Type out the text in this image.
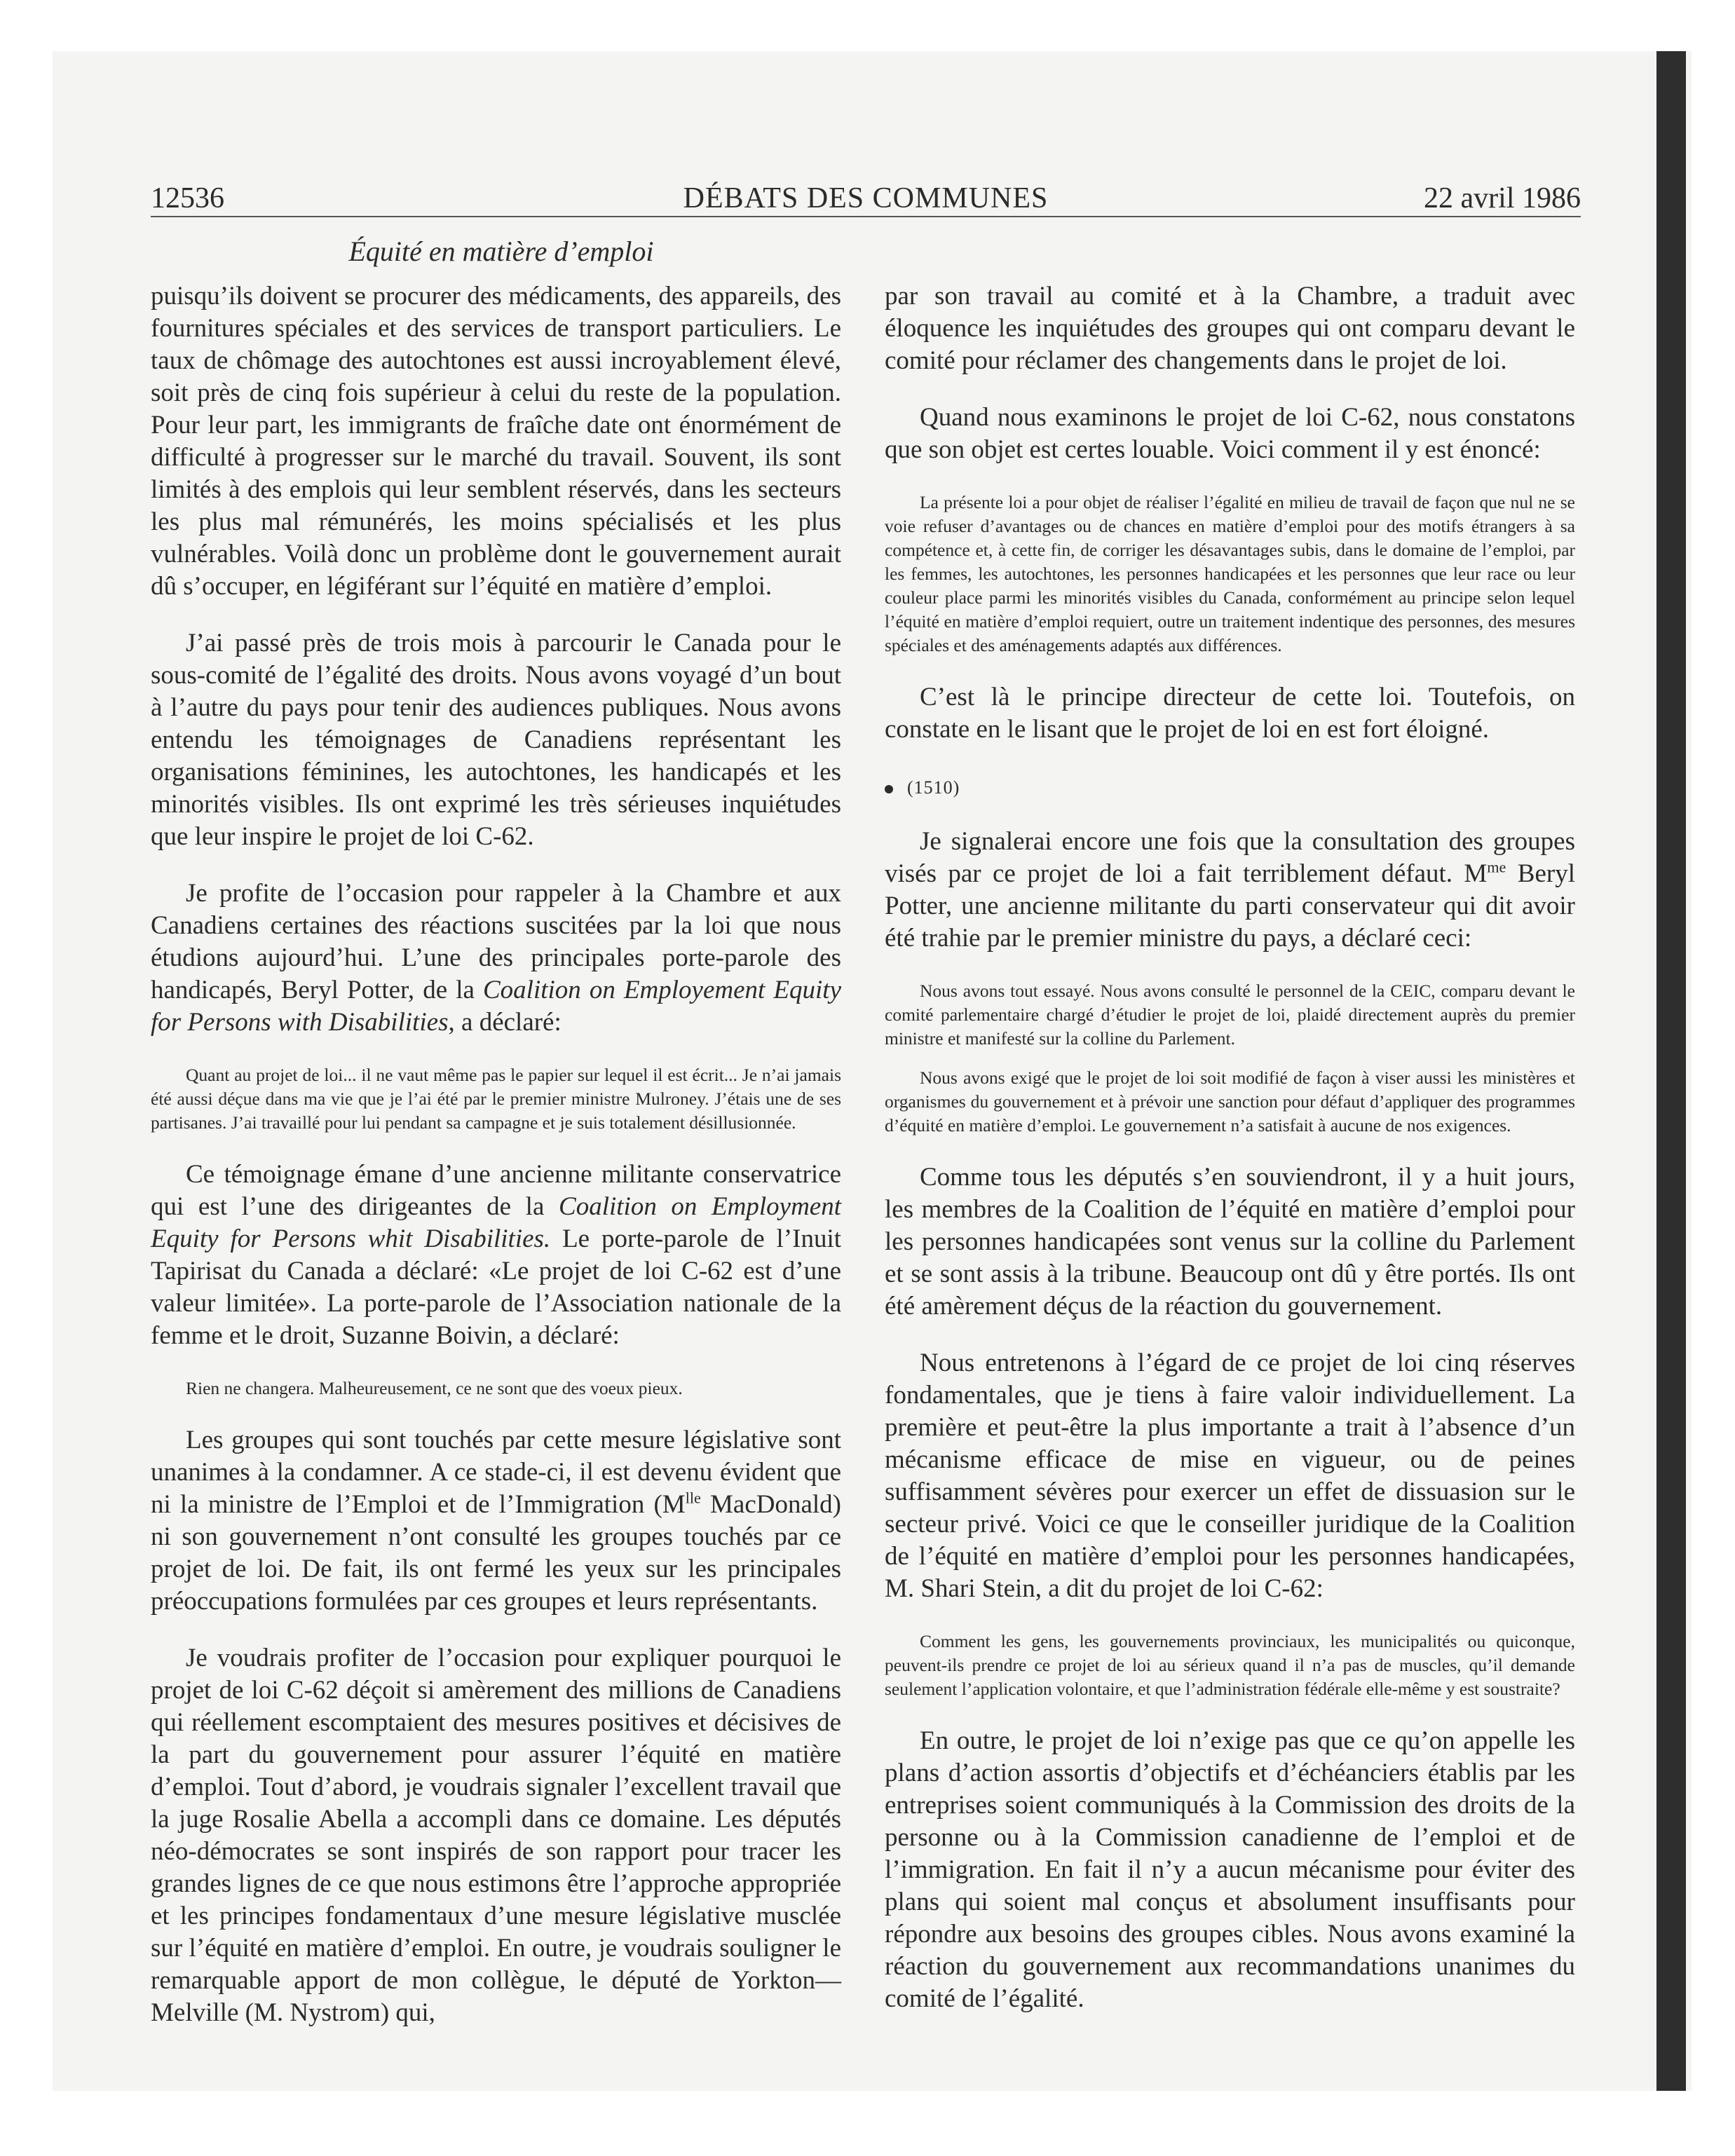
12536	DÉBATS DES COMMUNES	22 avril 1986
Équité en matière d’emploi

puisqu’ils doivent se procurer des médicaments, des appareils, des fournitures spéciales et des services de transport particuliers. Le taux de chômage des autochtones est aussi incroyablement élevé, soit près de cinq fois supérieur à celui du reste de la population. Pour leur part, les immigrants de fraîche date ont énormément de difficulté à progresser sur le marché du travail. Souvent, ils sont limités à des emplois qui leur semblent réservés, dans les secteurs les plus mal rémunérés, les moins spécialisés et les plus vulnérables. Voilà donc un problème dont le gouvernement aurait dû s’occuper, en légiférant sur l’équité en matière d’emploi.

J’ai passé près de trois mois à parcourir le Canada pour le sous-comité de l’égalité des droits. Nous avons voyagé d’un bout à l’autre du pays pour tenir des audiences publiques. Nous avons entendu les témoignages de Canadiens représentant les organisations féminines, les autochtones, les handicapés et les minorités visibles. Ils ont exprimé les très sérieuses inquiétudes que leur inspire le projet de loi C-62.

Je profite de l’occasion pour rappeler à la Chambre et aux Canadiens certaines des réactions suscitées par la loi que nous étudions aujourd’hui. L’une des principales porte-parole des handicapés, Beryl Potter, de la Coalition on Employement Equity for Persons with Disabilities, a déclaré:

Quant au projet de loi... il ne vaut même pas le papier sur lequel il est écrit... Je n’ai jamais été aussi déçue dans ma vie que je l’ai été par le premier ministre Mulroney. J’étais une de ses partisanes. J’ai travaillé pour lui pendant sa campagne et je suis totalement désillusionnée.

Ce témoignage émane d’une ancienne militante conservatrice qui est l’une des dirigeantes de la Coalition on Employment Equity for Persons whit Disabilities. Le porte-parole de l’Inuit Tapirisat du Canada a déclaré: «Le projet de loi C-62 est d’une valeur limitée». La porte-parole de l’Association nationale de la femme et le droit, Suzanne Boivin, a déclaré:

Rien ne changera. Malheureusement, ce ne sont que des voeux pieux.

Les groupes qui sont touchés par cette mesure législative sont unanimes à la condamner. A ce stade-ci, il est devenu évident que ni la ministre de l’Emploi et de l’Immigration ($M^{lle}$ MacDonald) ni son gouvernement n’ont consulté les groupes touchés par ce projet de loi. De fait, ils ont fermé les yeux sur les principales préoccupations formulées par ces groupes et leurs représentants.

Je voudrais profiter de l’occasion pour expliquer pourquoi le projet de loi C-62 déçoit si amèrement des millions de Canadiens qui réellement escomptaient des mesures positives et décisives de la part du gouvernement pour assurer l’équité en matière d’emploi. Tout d’abord, je voudrais signaler l’excellent travail que la juge Rosalie Abella a accompli dans ce domaine. Les députés néo-démocrates se sont inspirés de son rapport pour tracer les grandes lignes de ce que nous estimons être l’approche appropriée et les principes fondamentaux d’une mesure législative musclée sur l’équité en matière d’emploi. En outre, je voudrais souligner le remarquable apport de mon collègue, le député de Yorkton—Melville (M. Nystrom) qui,

par son travail au comité et à la Chambre, a traduit avec éloquence les inquiétudes des groupes qui ont comparu devant le comité pour réclamer des changements dans le projet de loi.

Quand nous examinons le projet de loi C-62, nous constatons que son objet est certes louable. Voici comment il y est énoncé:

La présente loi a pour objet de réaliser l’égalité en milieu de travail de façon que nul ne se voie refuser d’avantages ou de chances en matière d’emploi pour des motifs étrangers à sa compétence et, à cette fin, de corriger les désavantages subis, dans le domaine de l’emploi, par les femmes, les autochtones, les personnes handicapées et les personnes que leur race ou leur couleur place parmi les minorités visibles du Canada, conformément au principe selon lequel l’équité en matière d’emploi requiert, outre un traitement indentique des personnes, des mesures spéciales et des aménagements adaptés aux différences.

C’est là le principe directeur de cette loi. Toutefois, on constate en le lisant que le projet de loi en est fort éloigné.

(1510)

Je signalerai encore une fois que la consultation des groupes visés par ce projet de loi a fait terriblement défaut. $M^{me}$ Beryl Potter, une ancienne militante du parti conservateur qui dit avoir été trahie par le premier ministre du pays, a déclaré ceci:

Nous avons tout essayé. Nous avons consulté le personnel de la CEIC, comparu devant le comité parlementaire chargé d’étudier le projet de loi, plaidé directement auprès du premier ministre et manifesté sur la colline du Parlement.

Nous avons exigé que le projet de loi soit modifié de façon à viser aussi les ministères et organismes du gouvernement et à prévoir une sanction pour défaut d’appliquer des programmes d’équité en matière d’emploi. Le gouvernement n’a satisfait à aucune de nos exigences.

Comme tous les députés s’en souviendront, il y a huit jours, les membres de la Coalition de l’équité en matière d’emploi pour les personnes handicapées sont venus sur la colline du Parlement et se sont assis à la tribune. Beaucoup ont dû y être portés. Ils ont été amèrement déçus de la réaction du gouvernement.

Nous entretenons à l’égard de ce projet de loi cinq réserves fondamentales, que je tiens à faire valoir individuellement. La première et peut-être la plus importante a trait à l’absence d’un mécanisme efficace de mise en vigueur, ou de peines suffisamment sévères pour exercer un effet de dissuasion sur le secteur privé. Voici ce que le conseiller juridique de la Coalition de l’équité en matière d’emploi pour les personnes handicapées, M. Shari Stein, a dit du projet de loi C-62:

Comment les gens, les gouvernements provinciaux, les municipalités ou quiconque, peuvent-ils prendre ce projet de loi au sérieux quand il n’a pas de muscles, qu’il demande seulement l’application volontaire, et que l’administration fédérale elle-même y est soustraite?

En outre, le projet de loi n’exige pas que ce qu’on appelle les plans d’action assortis d’objectifs et d’échéanciers établis par les entreprises soient communiqués à la Commission des droits de la personne ou à la Commission canadienne de l’emploi et de l’immigration. En fait il n’y a aucun mécanisme pour éviter des plans qui soient mal conçus et absolument insuffisants pour répondre aux besoins des groupes cibles. Nous avons examiné la réaction du gouvernement aux recommandations unanimes du comité de l’égalité.
